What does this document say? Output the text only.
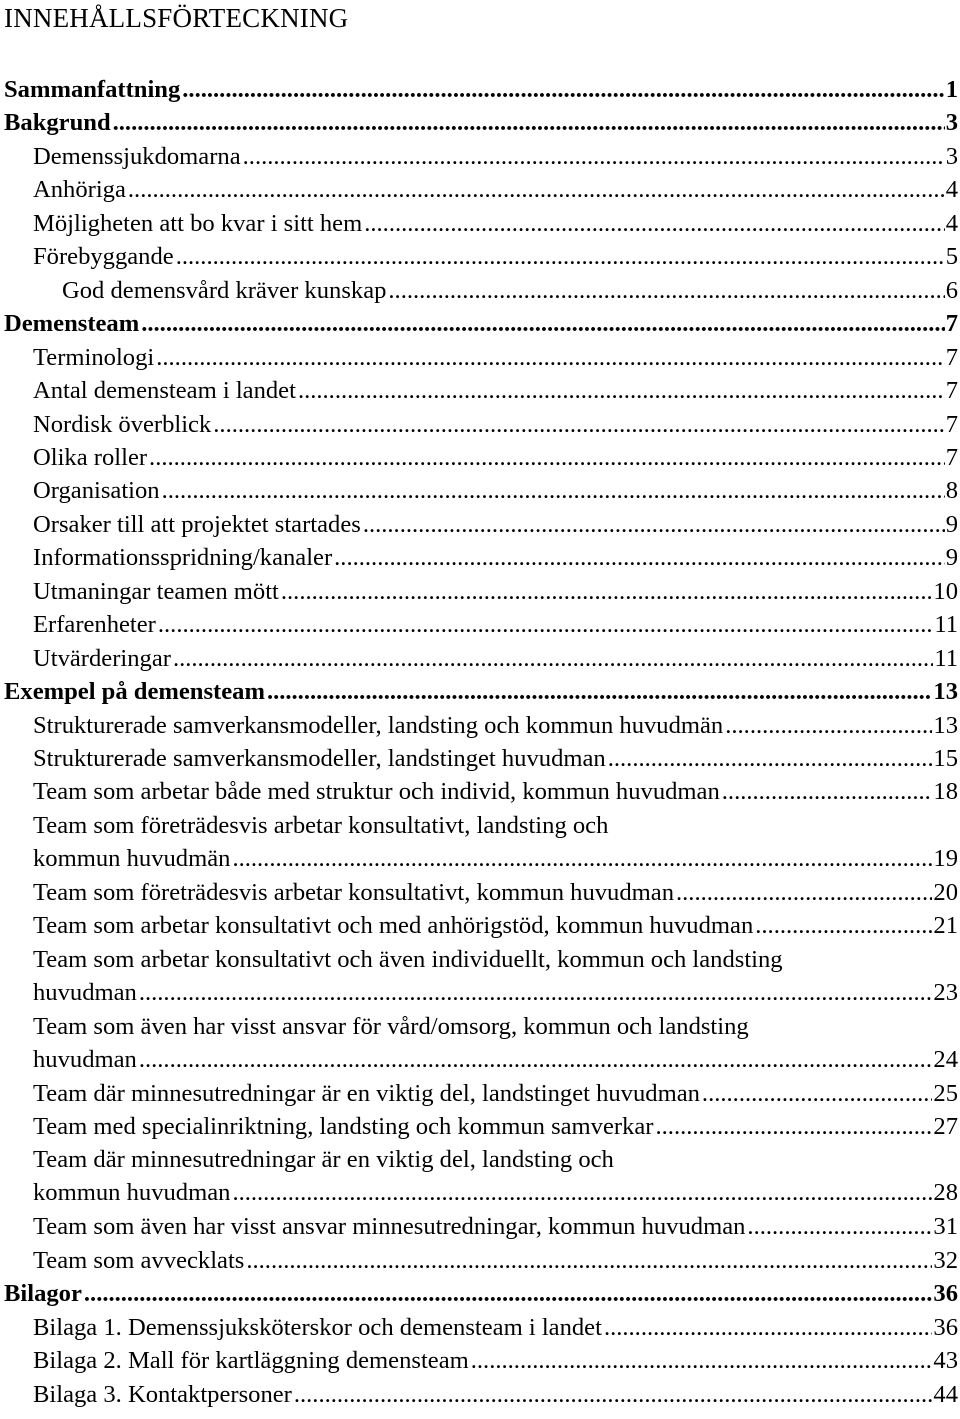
INNEHÅLLSFÖRTECKNING
Sammanfattning .....	1
Bakgrund .....	3
Demenssjukdomarna .....	3
Anhöriga .....	4
Möjligheten att bo kvar i sitt hem .....	4
Förebyggande .....	5
God demensvård kräver kunskap .....	6
Demensteam .....	7
Terminologi .....	7
Antal demensteam i landet .....	7
Nordisk överblick .....	7
Olika roller .....	7
Organisation .....	8
Orsaker till att projektet startades .....	9
Informationsspridning/kanaler .....	9
Utmaningar teamen mött .....	10
Erfarenheter .....	11
Utvärderingar .....	11
Exempel på demensteam .....	13
Strukturerade samverkansmodeller, landsting och kommun huvudmän .....	13
Strukturerade samverkansmodeller, landstinget huvudman .....	15
Team som arbetar både med struktur och individ, kommun huvudman .....	18
Team som företrädesvis arbetar konsultativt, landsting och
kommun huvudmän .....	19
Team som företrädesvis arbetar konsultativt, kommun huvudman .....	20
Team som arbetar konsultativt och med anhörigstöd, kommun huvudman .....	21
Team som arbetar konsultativt och även individuellt, kommun och landsting
huvudman .....	23
Team som även har visst ansvar för vård/omsorg, kommun och landsting
huvudman .....	24
Team där minnesutredningar är en viktig del, landstinget huvudman .....	25
Team med specialinriktning, landsting och kommun samverkar .....	27
Team där minnesutredningar är en viktig del, landsting och
kommun huvudman .....	28
Team som även har visst ansvar minnesutredningar, kommun huvudman .....	31
Team som avvecklats .....	32
Bilagor .....	36
Bilaga 1. Demenssjuksköterskor och demensteam i landet .....	36
Bilaga 2. Mall för kartläggning demensteam .....	43
Bilaga 3. Kontaktpersoner .....	44
